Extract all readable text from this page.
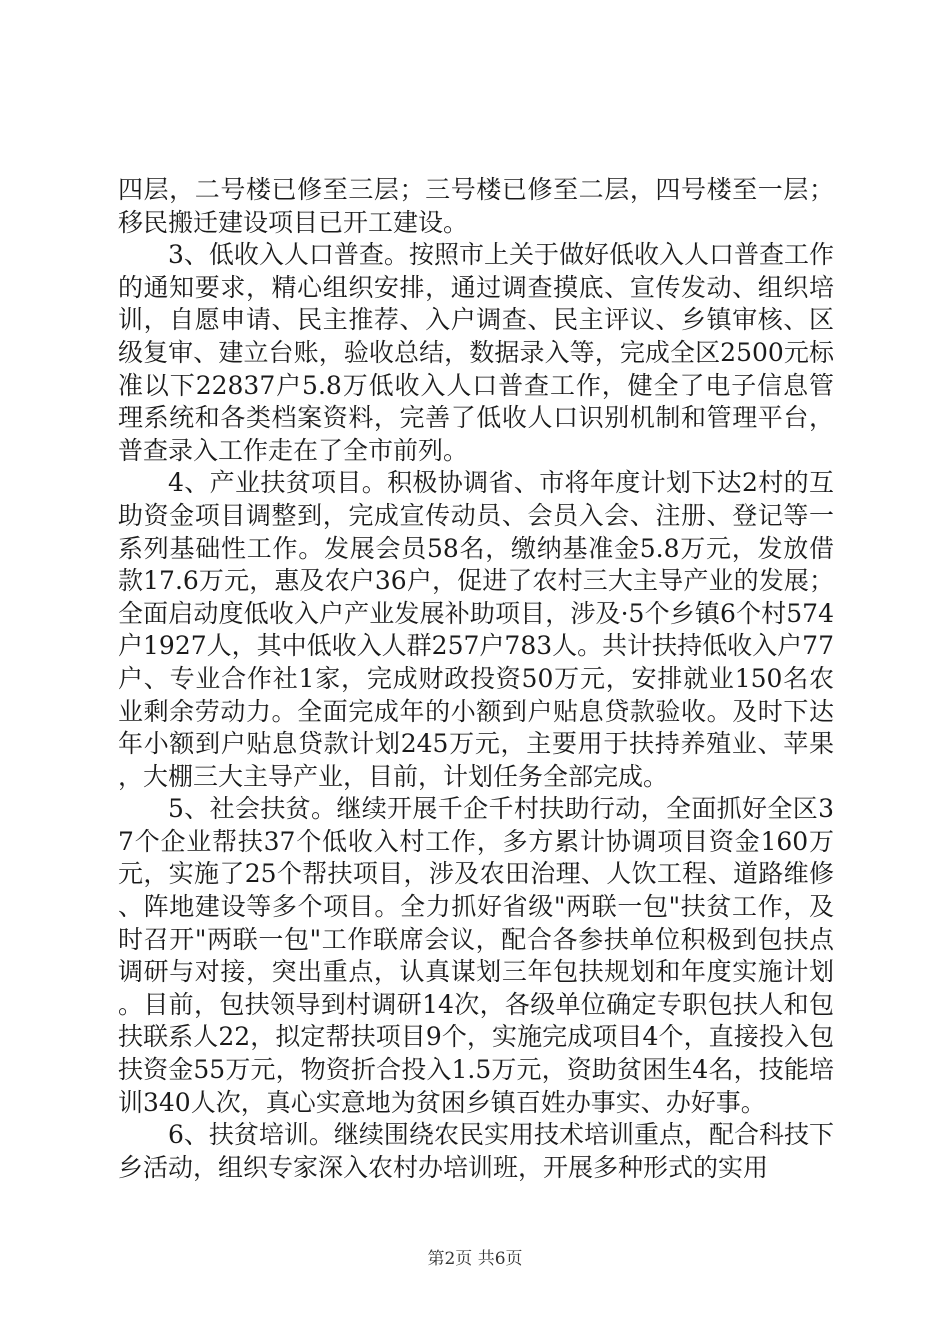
四层，二号楼已修至三层；三号楼已修至二层，四号楼至一层；移民搬迁建设项目已开工建设。

3、低收入人口普查。按照市上关于做好低收入人口普查工作的通知要求，精心组织安排，通过调查摸底、宣传发动、组织培训，自愿申请、民主推荐、入户调查、民主评议、乡镇审核、区级复审、建立台账，验收总结，数据录入等，完成全区2500元标准以下22837户5.8万低收入人口普查工作，健全了电子信息管理系统和各类档案资料，完善了低收人口识别机制和管理平台，普查录入工作走在了全市前列。

4、产业扶贫项目。积极协调省、市将年度计划下达2村的互助资金项目调整到，完成宣传动员、会员入会、注册、登记等一系列基础性工作。发展会员58名，缴纳基准金5.8万元，发放借款17.6万元，惠及农户36户，促进了农村三大主导产业的发展；全面启动度低收入户产业发展补助项目，涉及·5个乡镇6个村574户1927人，其中低收入人群257户783人。共计扶持低收入户77户、专业合作社1家，完成财政投资50万元，安排就业150名农业剩余劳动力。全面完成年的小额到户贴息贷款验收。及时下达年小额到户贴息贷款计划245万元，主要用于扶持养殖业、苹果，大棚三大主导产业，目前，计划任务全部完成。

5、社会扶贫。继续开展千企千村扶助行动，全面抓好全区37个企业帮扶37个低收入村工作，多方累计协调项目资金160万元，实施了25个帮扶项目，涉及农田治理、人饮工程、道路维修、阵地建设等多个项目。全力抓好省级"两联一包"扶贫工作，及时召开"两联一包"工作联席会议，配合各参扶单位积极到包扶点调研与对接，突出重点，认真谋划三年包扶规划和年度实施计划。目前，包扶领导到村调研14次，各级单位确定专职包扶人和包扶联系人22，拟定帮扶项目9个，实施完成项目4个，直接投入包扶资金55万元，物资折合投入1.5万元，资助贫困生4名，技能培训340人次，真心实意地为贫困乡镇百姓办事实、办好事。

6、扶贫培训。继续围绕农民实用技术培训重点，配合科技下乡活动，组织专家深入农村办培训班，开展多种形式的实用

第2页 共6页
